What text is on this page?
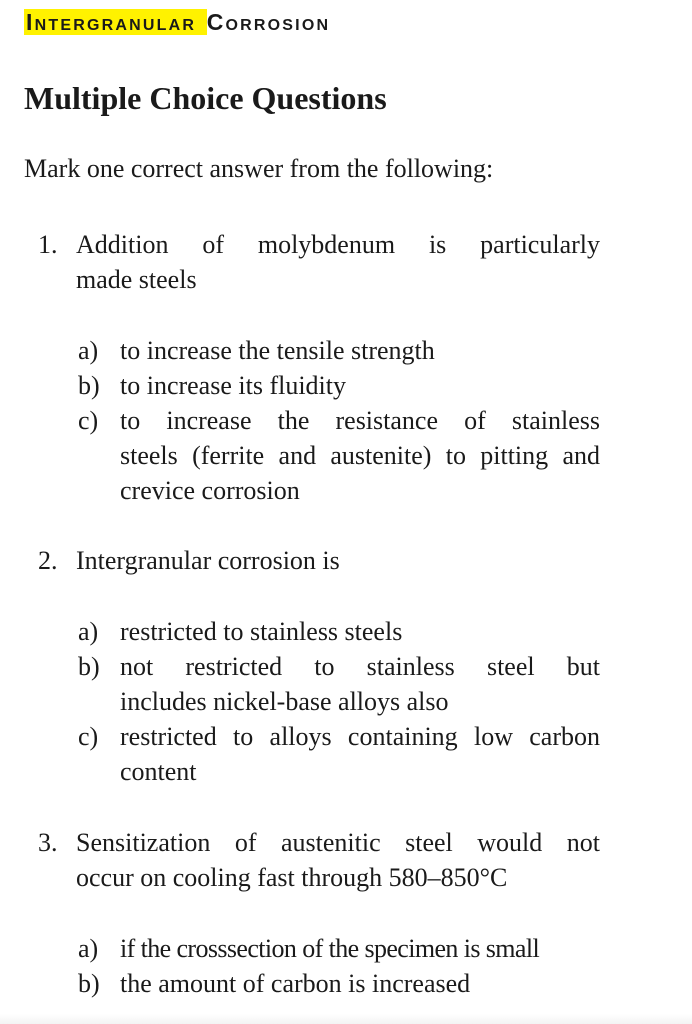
Intergranular Corrosion
Multiple Choice Questions
Mark one correct answer from the following:
1. Addition of molybdenum is particularly
made steels
a) to increase the tensile strength
b) to increase its fluidity
c) to increase the resistance of stainless
steels (ferrite and austenite) to pitting and
crevice corrosion
2. Intergranular corrosion is
a) restricted to stainless steels
b) not restricted to stainless steel but
includes nickel-base alloys also
c) restricted to alloys containing low carbon
content
3. Sensitization of austenitic steel would not
occur on cooling fast through 580–850°C
a) if the crosssection of the specimen is small
b) the amount of carbon is increased
